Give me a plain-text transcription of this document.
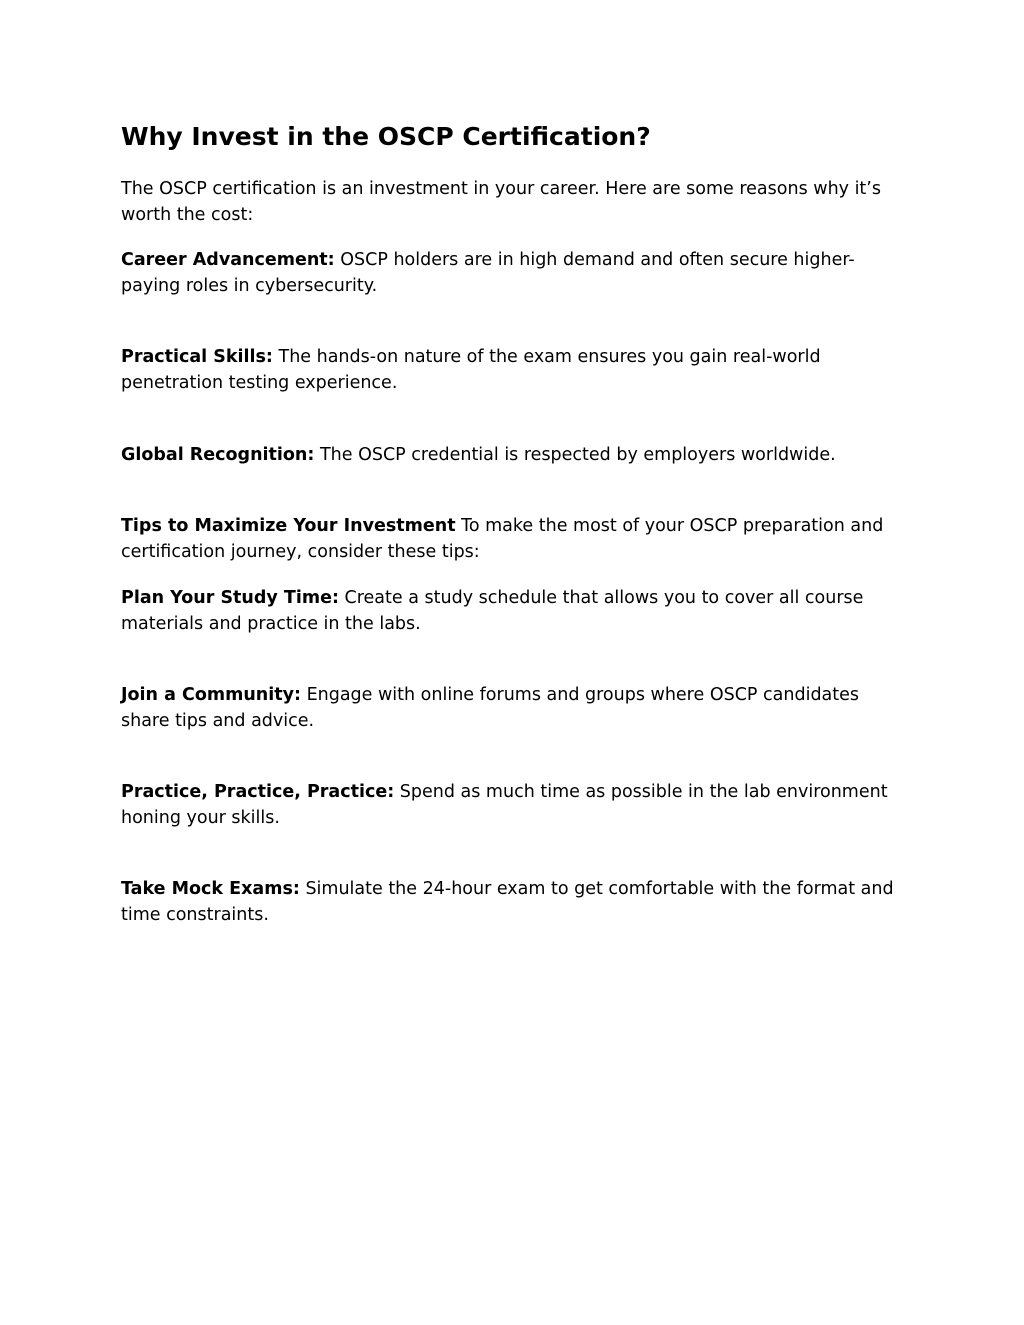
Why Invest in the OSCP Certification?

The OSCP certification is an investment in your career. Here are some reasons why it’s worth the cost:

Career Advancement: OSCP holders are in high demand and often secure higher-paying roles in cybersecurity.

Practical Skills: The hands-on nature of the exam ensures you gain real-world penetration testing experience.

Global Recognition: The OSCP credential is respected by employers worldwide.

Tips to Maximize Your Investment To make the most of your OSCP preparation and certification journey, consider these tips:

Plan Your Study Time: Create a study schedule that allows you to cover all course materials and practice in the labs.

Join a Community: Engage with online forums and groups where OSCP candidates share tips and advice.

Practice, Practice, Practice: Spend as much time as possible in the lab environment honing your skills.

Take Mock Exams: Simulate the 24-hour exam to get comfortable with the format and time constraints.
